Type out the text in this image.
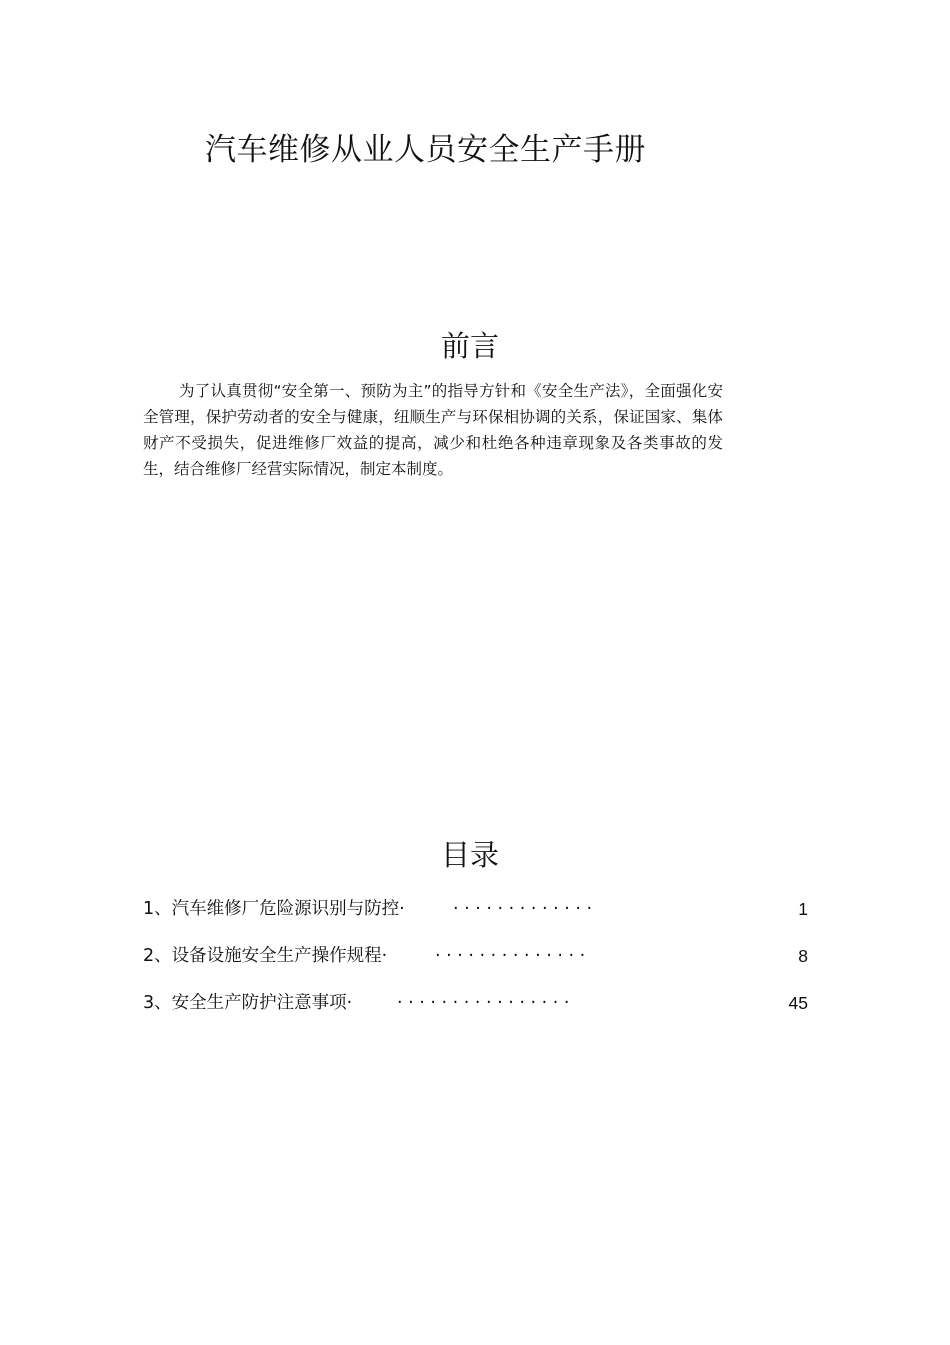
汽车维修从业人员安全生产手册
前言

为了认真贯彻“安全第一、预防为主”的指导方针和《安全生产法》，全面强化安全管理，保护劳动者的安全与健康，纽顺生产与环保相协调的关系，保证国家、集体财产不受损失，促进维修厂效益的提高，减少和杜绝各种违章现象及各类事故的发生，结合维修厂经营实际情况，制定本制度。

目录
1、汽车维修厂危险源识别与防控·	· · · · · · · · · · · · ·	1
2、设备设施安全生产操作规程·	· · · · · · · · · · · · · ·	8
3、安全生产防护注意事项·	· · · · · · · · · · · · · · · ·	45
